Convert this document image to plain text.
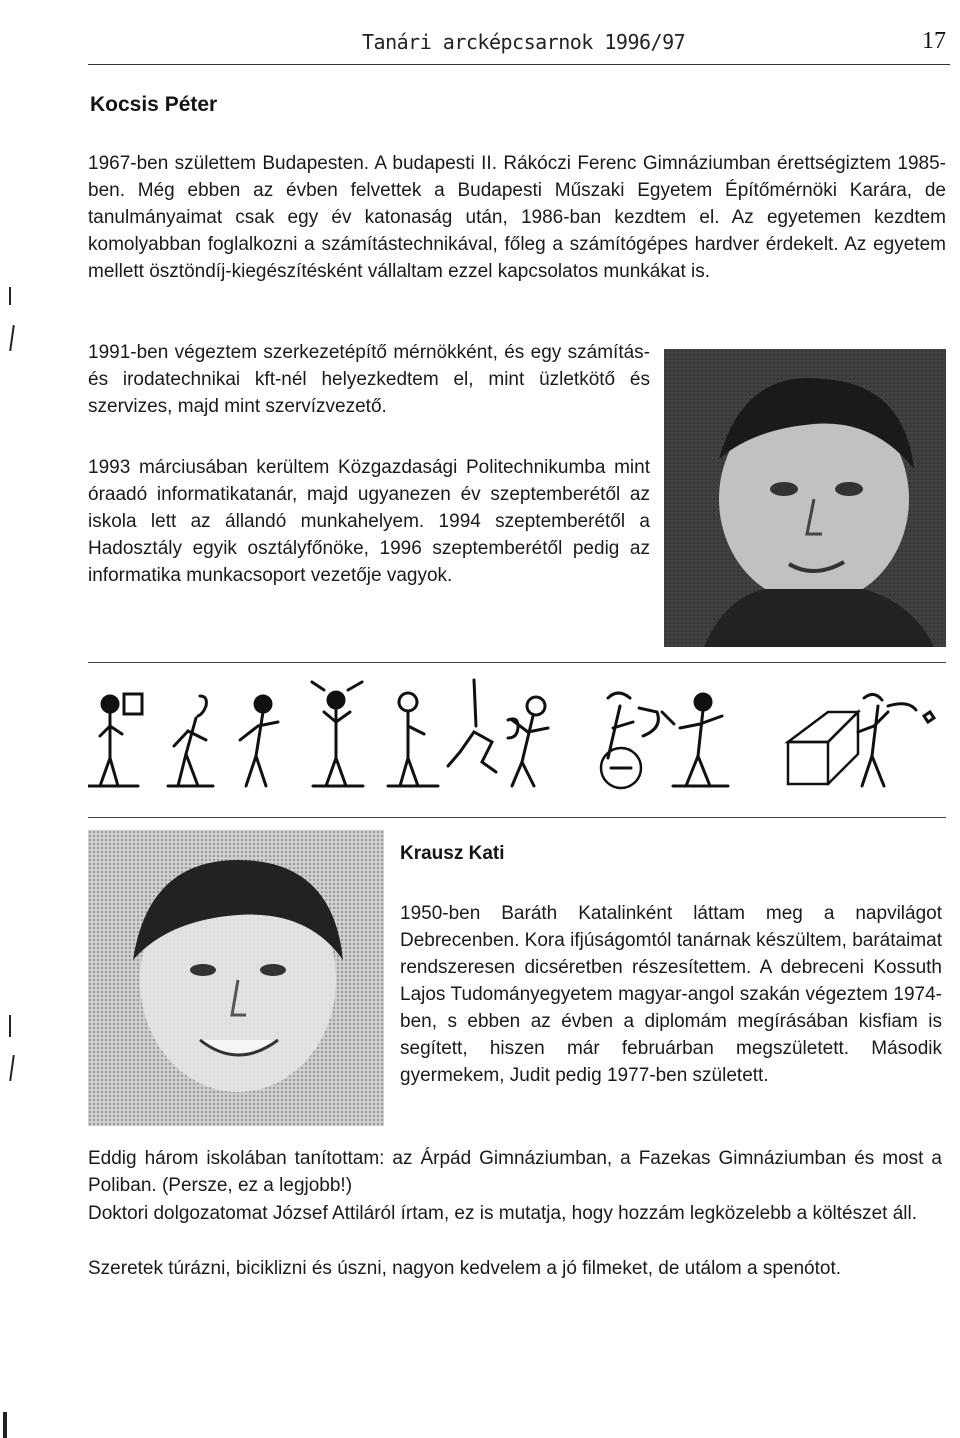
Tanári arcképcsarnok 1996/97	17
Kocsis Péter

1967-ben születtem Budapesten. A budapesti II. Rákóczi Ferenc Gimnáziumban érettségiztem 1985-ben. Még ebben az évben felvettek a Budapesti Műszaki Egyetem Építőmérnöki Karára, de tanulmányaimat csak egy év katonaság után, 1986-ban kezdtem el. Az egyetemen kezdtem komolyabban foglalkozni a számítástechnikával, főleg a számítógépes hardver érdekelt. Az egyetem mellett ösztöndíj-kiegészítésként vállaltam ezzel kapcsolatos munkákat is.

1991-ben végeztem szerkezetépítő mérnökként, és egy számítás- és irodatechnikai kft-nél helyezkedtem el, mint üzletkötő és szervizes, majd mint szervízvezető.

1993 márciusában kerültem Közgazdasági Politechnikumba mint óraadó informatikatanár, majd ugyanezen év szeptemberétől az iskola lett az állandó munkahelyem. 1994 szeptemberétől a Hadosztály egyik osztályfőnöke, 1996 szeptemberétől pedig az informatika munkacsoport vezetője vagyok.

Krausz Kati

1950-ben Baráth Katalinként láttam meg a napvilágot Debrecenben. Kora ifjúságomtól tanárnak készültem, barátaimat rendszeresen dicséretben részesítettem. A debreceni Kossuth Lajos Tudományegyetem magyar-angol szakán végeztem 1974-ben, s ebben az évben a diplomám megírásában kisfiam is segített, hiszen már februárban megszületett. Második gyermekem, Judit pedig 1977-ben született.

Eddig három iskolában tanítottam: az Árpád Gimnáziumban, a Fazekas Gimnáziumban és most a Poliban. (Persze, ez a legjobb!)

Doktori dolgozatomat József Attiláról írtam, ez is mutatja, hogy hozzám legközelebb a költészet áll.

Szeretek túrázni, biciklizni és úszni, nagyon kedvelem a jó filmeket, de utálom a spenótot.
